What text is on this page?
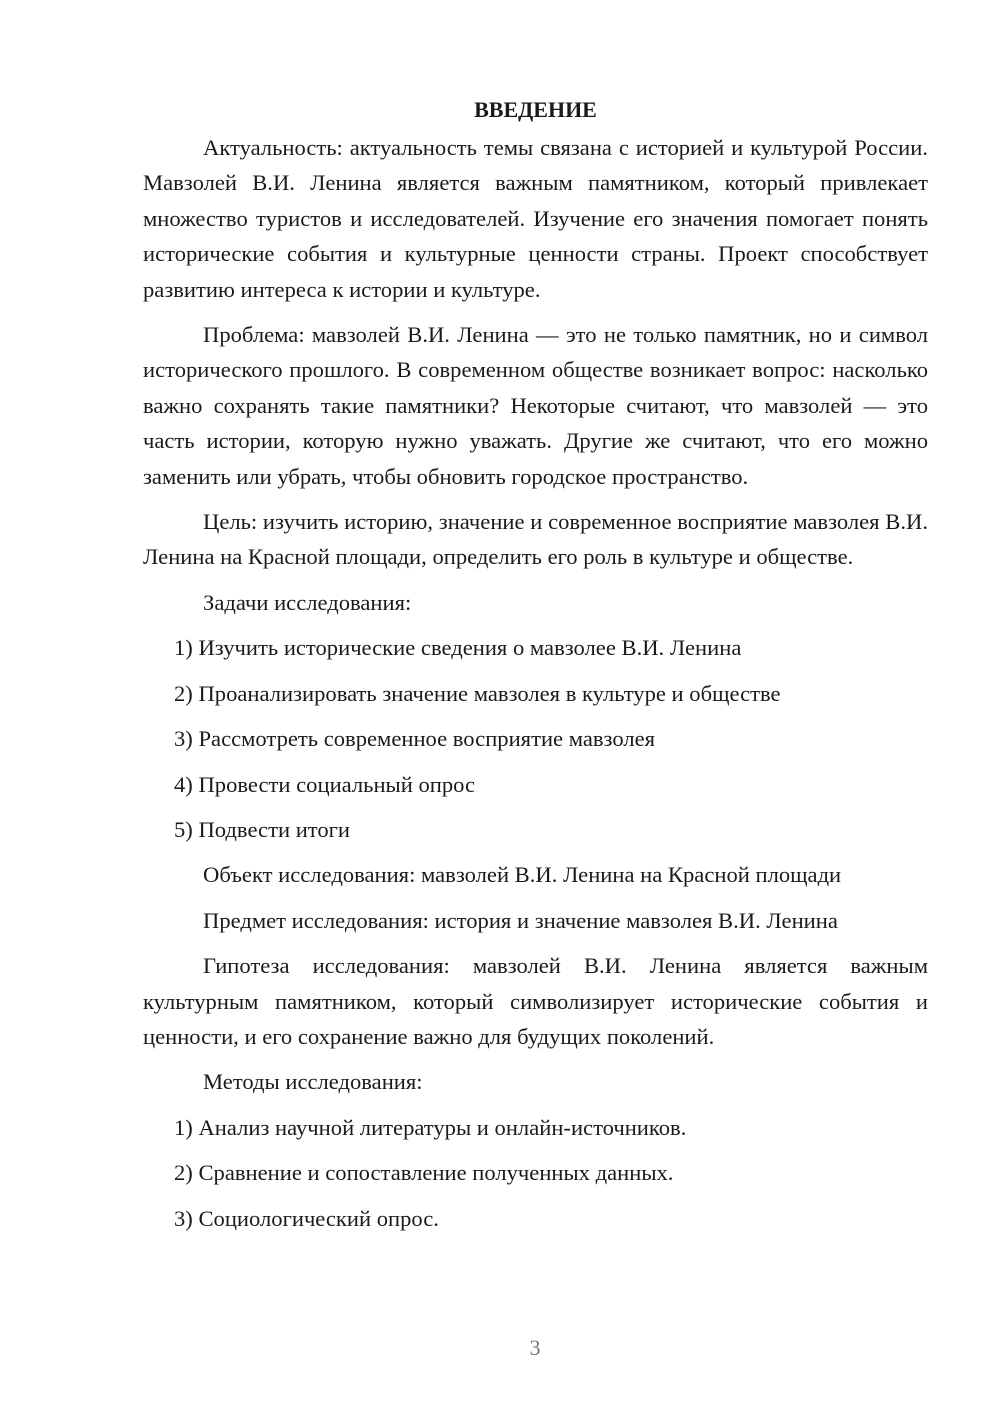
ВВЕДЕНИЕ
Актуальность: актуальность темы связана с историей и культурой России. Мавзолей В.И. Ленина является важным памятником, который привлекает множество туристов и исследователей. Изучение его значения помогает понять исторические события и культурные ценности страны. Проект способствует развитию интереса к истории и культуре.
Проблема: мавзолей В.И. Ленина — это не только памятник, но и символ исторического прошлого. В современном обществе возникает вопрос: насколько важно сохранять такие памятники? Некоторые считают, что мавзолей — это часть истории, которую нужно уважать. Другие же считают, что его можно заменить или убрать, чтобы обновить городское пространство.
Цель: изучить историю, значение и современное восприятие мавзолея В.И. Ленина на Красной площади, определить его роль в культуре и обществе.
Задачи исследования:
1) Изучить исторические сведения о мавзолее В.И. Ленина
2) Проанализировать значение мавзолея в культуре и обществе
3) Рассмотреть современное восприятие мавзолея
4) Провести социальный опрос
5) Подвести итоги
Объект исследования: мавзолей В.И. Ленина на Красной площади
Предмет исследования: история и значение мавзолея В.И. Ленина
Гипотеза исследования: мавзолей В.И. Ленина является важным культурным памятником, который символизирует исторические события и ценности, и его сохранение важно для будущих поколений.
Методы исследования:
1) Анализ научной литературы и онлайн-источников.
2) Сравнение и сопоставление полученных данных.
3) Социологический опрос.
3
